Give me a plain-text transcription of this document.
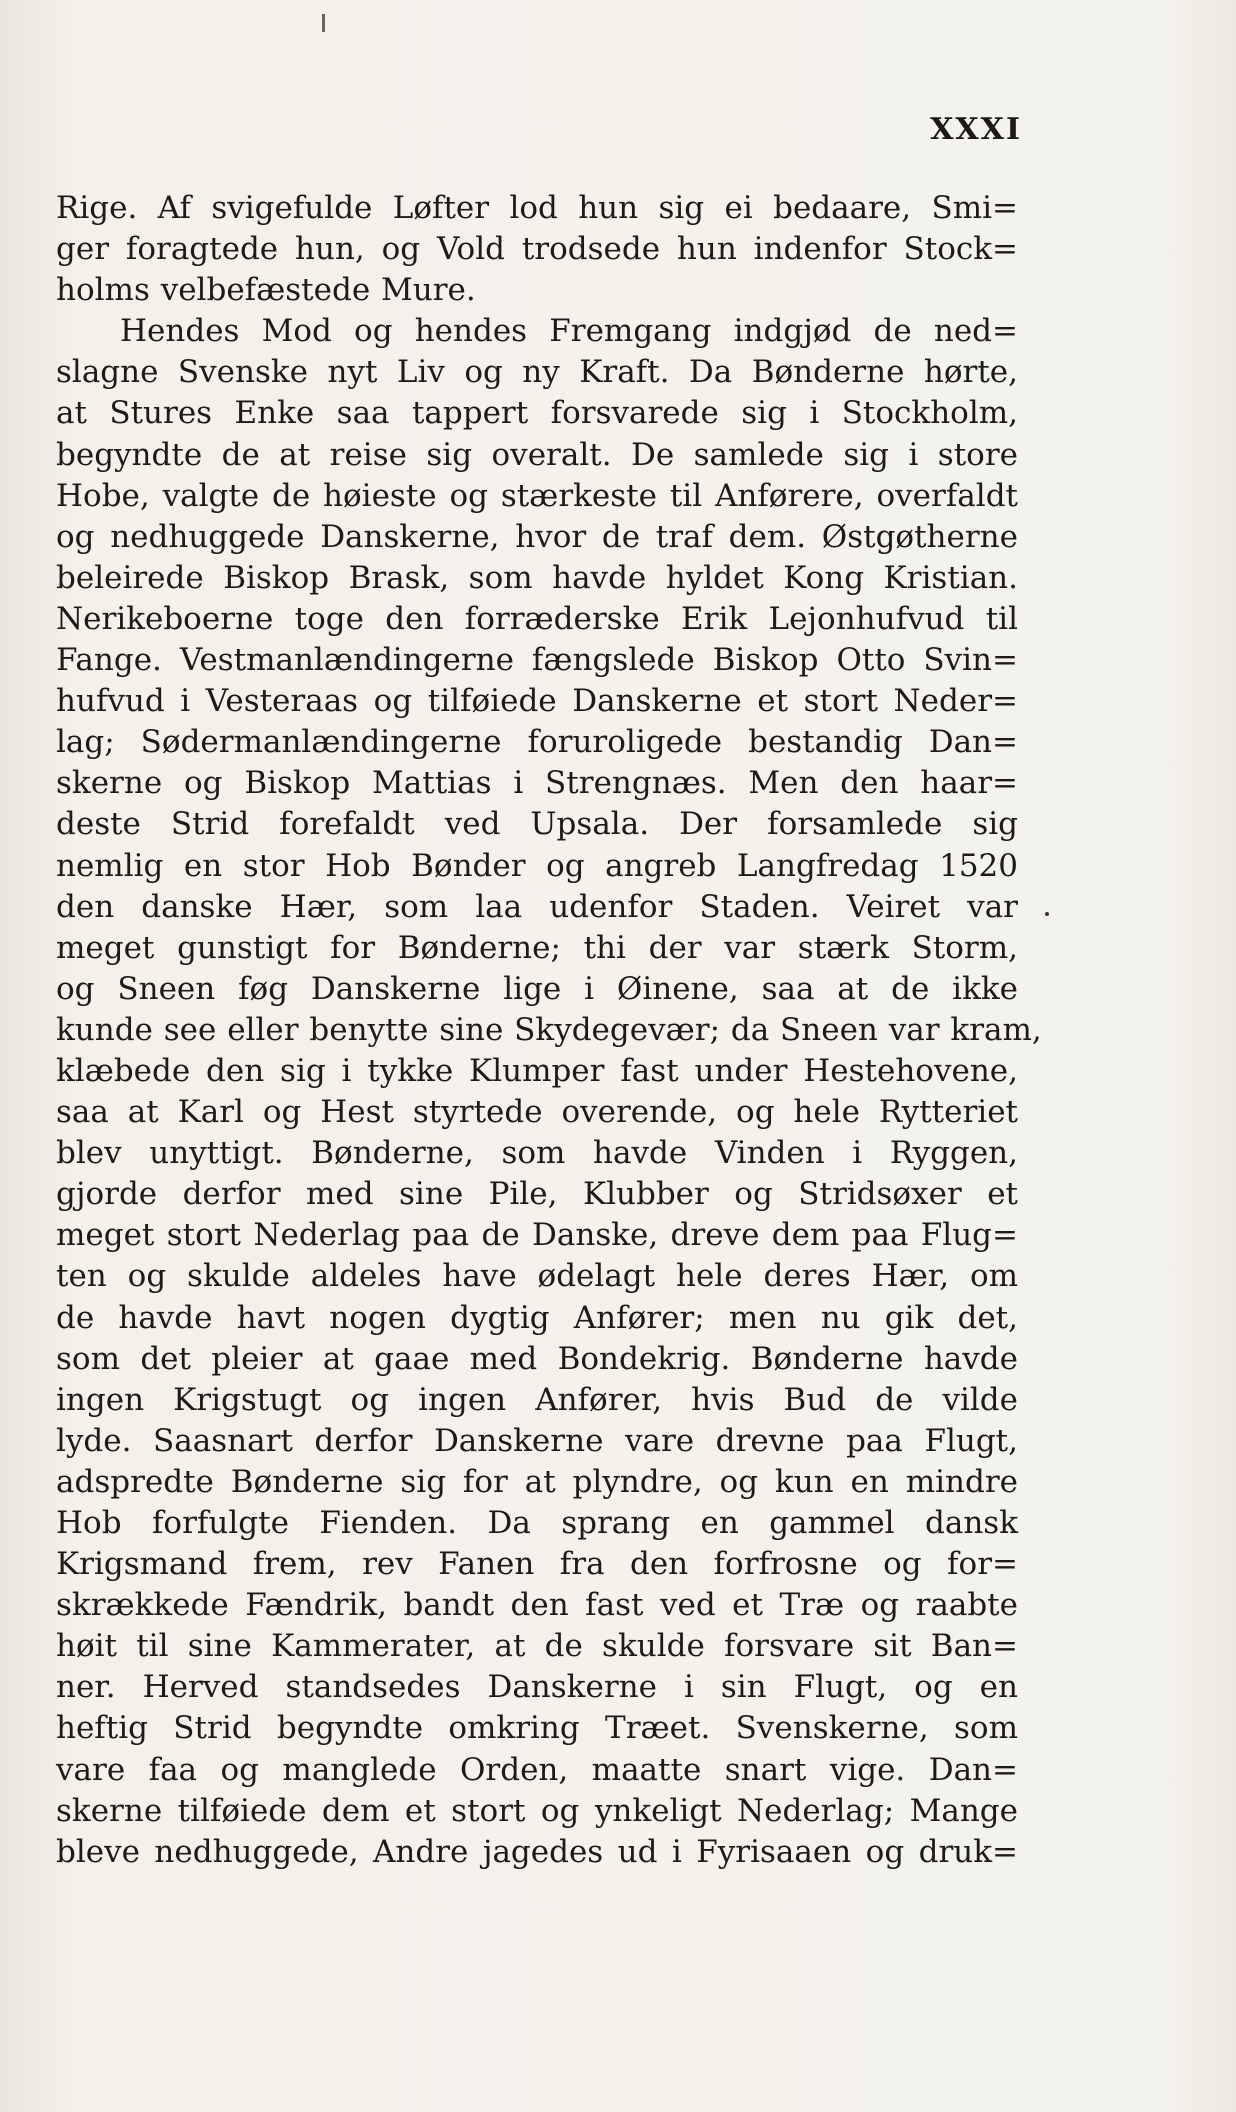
XXXI
Rige. Af svigefulde Løfter lod hun sig ei bedaare, Smi=
ger foragtede hun, og Vold trodsede hun indenfor Stock=
holms velbefæstede Mure.
Hendes Mod og hendes Fremgang indgjød de ned=
slagne Svenske nyt Liv og ny Kraft. Da Bønderne hørte,
at Stures Enke saa tappert forsvarede sig i Stockholm,
begyndte de at reise sig overalt. De samlede sig i store
Hobe, valgte de høieste og stærkeste til Anførere, overfaldt
og nedhuggede Danskerne, hvor de traf dem. Østgøtherne
beleirede Biskop Brask, som havde hyldet Kong Kristian.
Nerikeboerne toge den forræderske Erik Lejonhufvud til
Fange. Vestmanlændingerne fængslede Biskop Otto Svin=
hufvud i Vesteraas og tilføiede Danskerne et stort Neder=
lag; Sødermanlændingerne foruroligede bestandig Dan=
skerne og Biskop Mattias i Strengnæs. Men den haar=
deste Strid forefaldt ved Upsala. Der forsamlede sig
nemlig en stor Hob Bønder og angreb Langfredag 1520
den danske Hær, som laa udenfor Staden. Veiret var
meget gunstigt for Bønderne; thi der var stærk Storm,
og Sneen føg Danskerne lige i Øinene, saa at de ikke
kunde see eller benytte sine Skydegevær; da Sneen var kram,
klæbede den sig i tykke Klumper fast under Hestehovene,
saa at Karl og Hest styrtede overende, og hele Rytteriet
blev unyttigt. Bønderne, som havde Vinden i Ryggen,
gjorde derfor med sine Pile, Klubber og Stridsøxer et
meget stort Nederlag paa de Danske, dreve dem paa Flug=
ten og skulde aldeles have ødelagt hele deres Hær, om
de havde havt nogen dygtig Anfører; men nu gik det,
som det pleier at gaae med Bondekrig. Bønderne havde
ingen Krigstugt og ingen Anfører, hvis Bud de vilde
lyde. Saasnart derfor Danskerne vare drevne paa Flugt,
adspredte Bønderne sig for at plyndre, og kun en mindre
Hob forfulgte Fienden. Da sprang en gammel dansk
Krigsmand frem, rev Fanen fra den forfrosne og for=
skrækkede Fændrik, bandt den fast ved et Træ og raabte
høit til sine Kammerater, at de skulde forsvare sit Ban=
ner. Herved standsedes Danskerne i sin Flugt, og en
heftig Strid begyndte omkring Træet. Svenskerne, som
vare faa og manglede Orden, maatte snart vige. Dan=
skerne tilføiede dem et stort og ynkeligt Nederlag; Mange
bleve nedhuggede, Andre jagedes ud i Fyrisaaen og druk=
